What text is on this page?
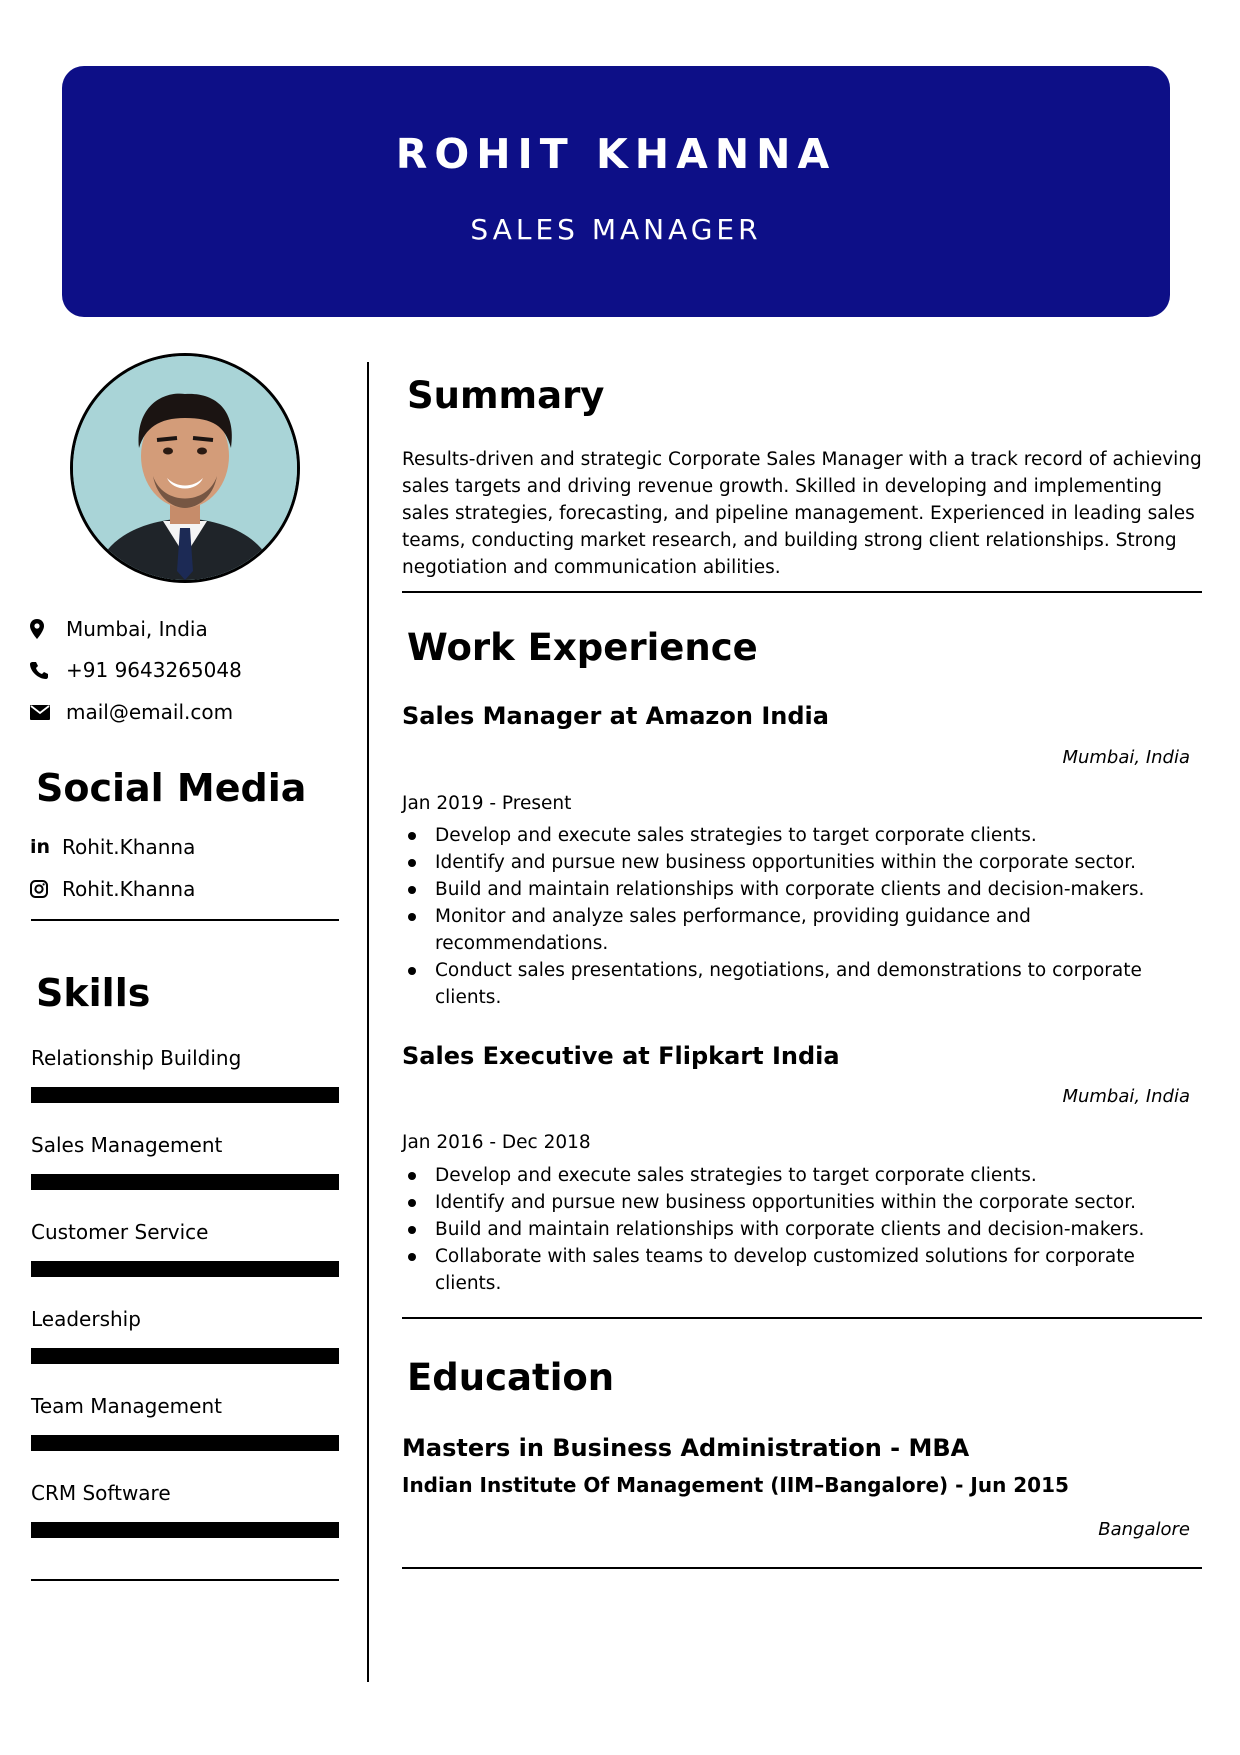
ROHIT KHANNA
SALES MANAGER
Mumbai, India
+91 9643265048
mail@email.com
Social Media
in Rohit.Khanna
Rohit.Khanna
Skills
Relationship Building
Sales Management
Customer Service
Leadership
Team Management
CRM Software
Summary
Results-driven and strategic Corporate Sales Manager with a track record of achieving sales targets and driving revenue growth. Skilled in developing and implementing sales strategies, forecasting, and pipeline management. Experienced in leading sales teams, conducting market research, and building strong client relationships. Strong negotiation and communication abilities.
Work Experience
Sales Manager at Amazon India
Mumbai, India
Jan 2019 - Present
Develop and execute sales strategies to target corporate clients.
Identify and pursue new business opportunities within the corporate sector.
Build and maintain relationships with corporate clients and decision-makers.
Monitor and analyze sales performance, providing guidance and recommendations.
Conduct sales presentations, negotiations, and demonstrations to corporate clients.
Sales Executive at Flipkart India
Mumbai, India
Jan 2016 - Dec 2018
Develop and execute sales strategies to target corporate clients.
Identify and pursue new business opportunities within the corporate sector.
Build and maintain relationships with corporate clients and decision-makers.
Collaborate with sales teams to develop customized solutions for corporate clients.
Education
Masters in Business Administration - MBA
Indian Institute Of Management (IIM–Bangalore) - Jun 2015
Bangalore
